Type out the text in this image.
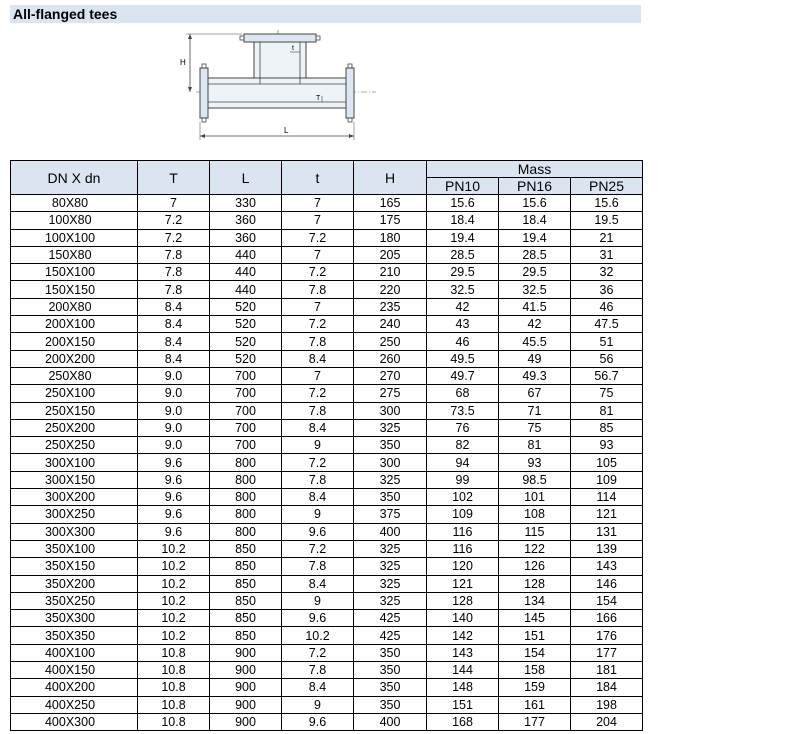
All-flanged tees
H
L
t
T
DN X dn	T	L	t	H	Mass		
					PN10	PN16	PN25
80X80	7	330	7	165	15.6	15.6	15.6
100X80	7.2	360	7	175	18.4	18.4	19.5
100X100	7.2	360	7.2	180	19.4	19.4	21
150X80	7.8	440	7	205	28.5	28.5	31
150X100	7.8	440	7.2	210	29.5	29.5	32
150X150	7.8	440	7.8	220	32.5	32.5	36
200X80	8.4	520	7	235	42	41.5	46
200X100	8.4	520	7.2	240	43	42	47.5
200X150	8.4	520	7.8	250	46	45.5	51
200X200	8.4	520	8.4	260	49.5	49	56
250X80	9.0	700	7	270	49.7	49.3	56.7
250X100	9.0	700	7.2	275	68	67	75
250X150	9.0	700	7.8	300	73.5	71	81
250X200	9.0	700	8.4	325	76	75	85
250X250	9.0	700	9	350	82	81	93
300X100	9.6	800	7.2	300	94	93	105
300X150	9.6	800	7.8	325	99	98.5	109
300X200	9.6	800	8.4	350	102	101	114
300X250	9.6	800	9	375	109	108	121
300X300	9.6	800	9.6	400	116	115	131
350X100	10.2	850	7.2	325	116	122	139
350X150	10.2	850	7.8	325	120	126	143
350X200	10.2	850	8.4	325	121	128	146
350X250	10.2	850	9	325	128	134	154
350X300	10.2	850	9.6	425	140	145	166
350X350	10.2	850	10.2	425	142	151	176
400X100	10.8	900	7.2	350	143	154	177
400X150	10.8	900	7.8	350	144	158	181
400X200	10.8	900	8.4	350	148	159	184
400X250	10.8	900	9	350	151	161	198
400X300	10.8	900	9.6	400	168	177	204
